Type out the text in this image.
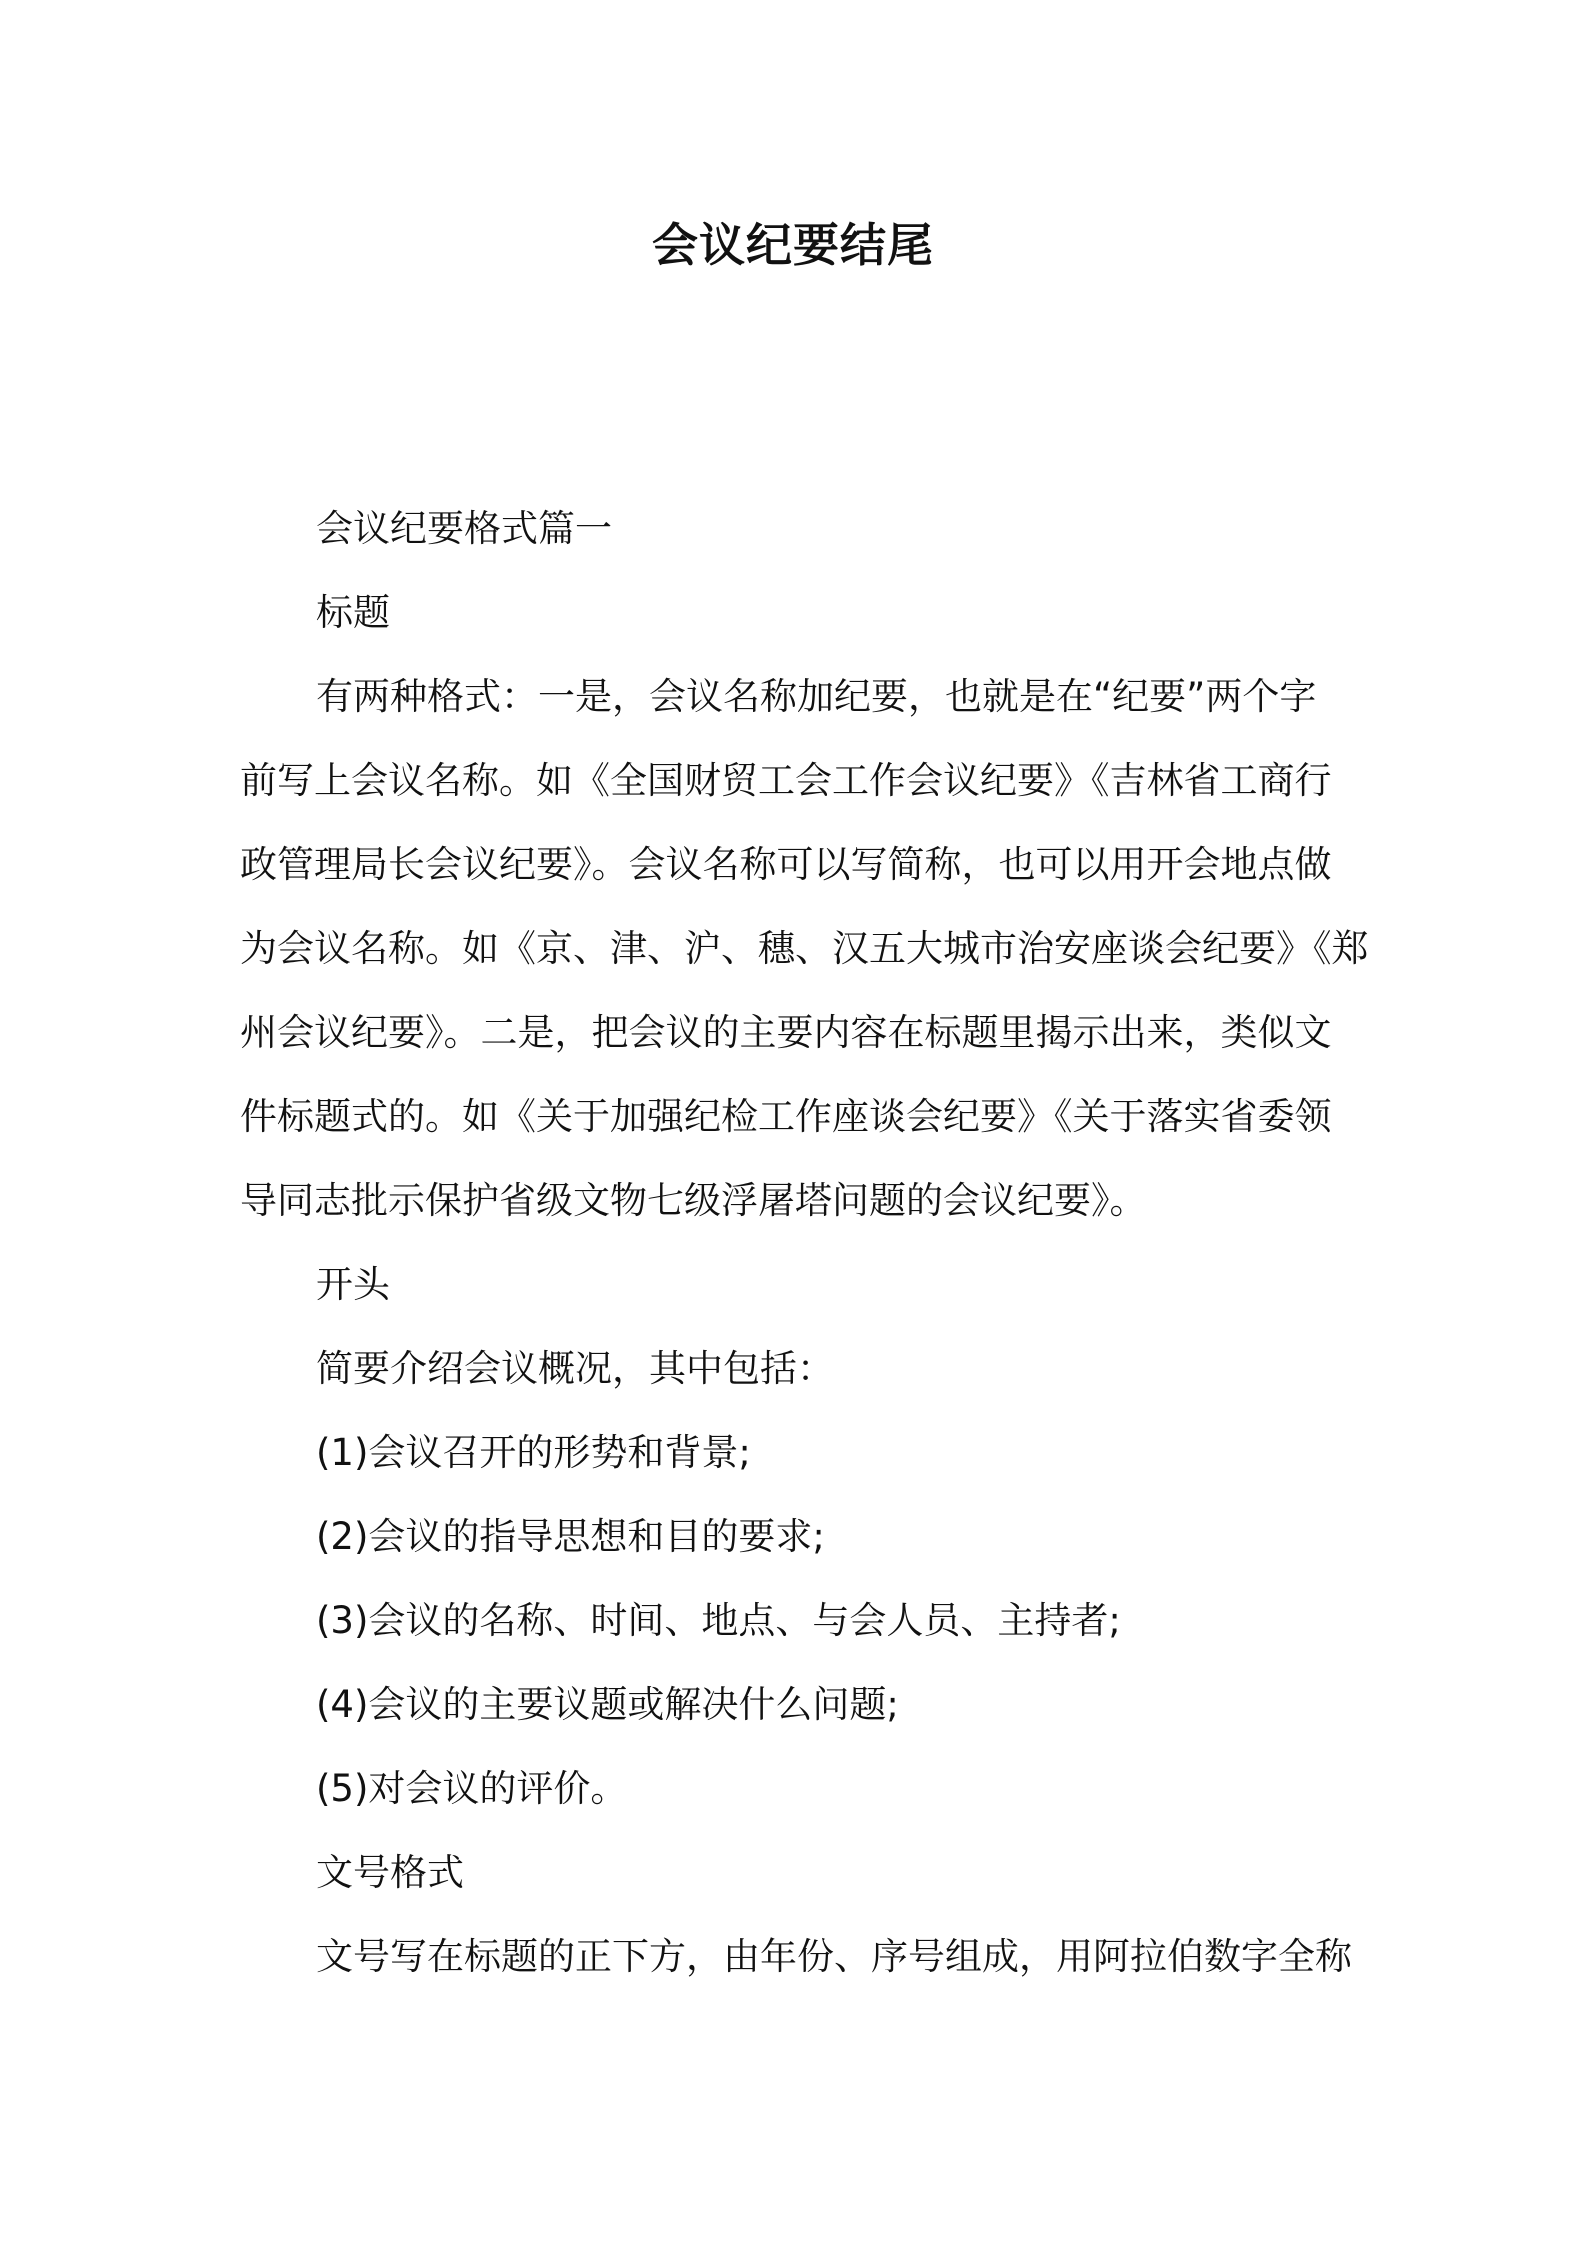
会议纪要结尾

会议纪要格式篇一

标题

有两种格式：一是，会议名称加纪要，也就是在“纪要”两个字

前写上会议名称。如《全国财贸工会工作会议纪要》《吉林省工商行

政管理局长会议纪要》。会议名称可以写简称，也可以用开会地点做

为会议名称。如《京、津、沪、穗、汉五大城市治安座谈会纪要》《郑

州会议纪要》。二是，把会议的主要内容在标题里揭示出来，类似文

件标题式的。如《关于加强纪检工作座谈会纪要》《关于落实省委领

导同志批示保护省级文物七级浮屠塔问题的会议纪要》。

开头

简要介绍会议概况，其中包括：

(1)会议召开的形势和背景;

(2)会议的指导思想和目的要求;

(3)会议的名称、时间、地点、与会人员、主持者;

(4)会议的主要议题或解决什么问题;

(5)对会议的评价。

文号格式

文号写在标题的正下方，由年份、序号组成，用阿拉伯数字全称
